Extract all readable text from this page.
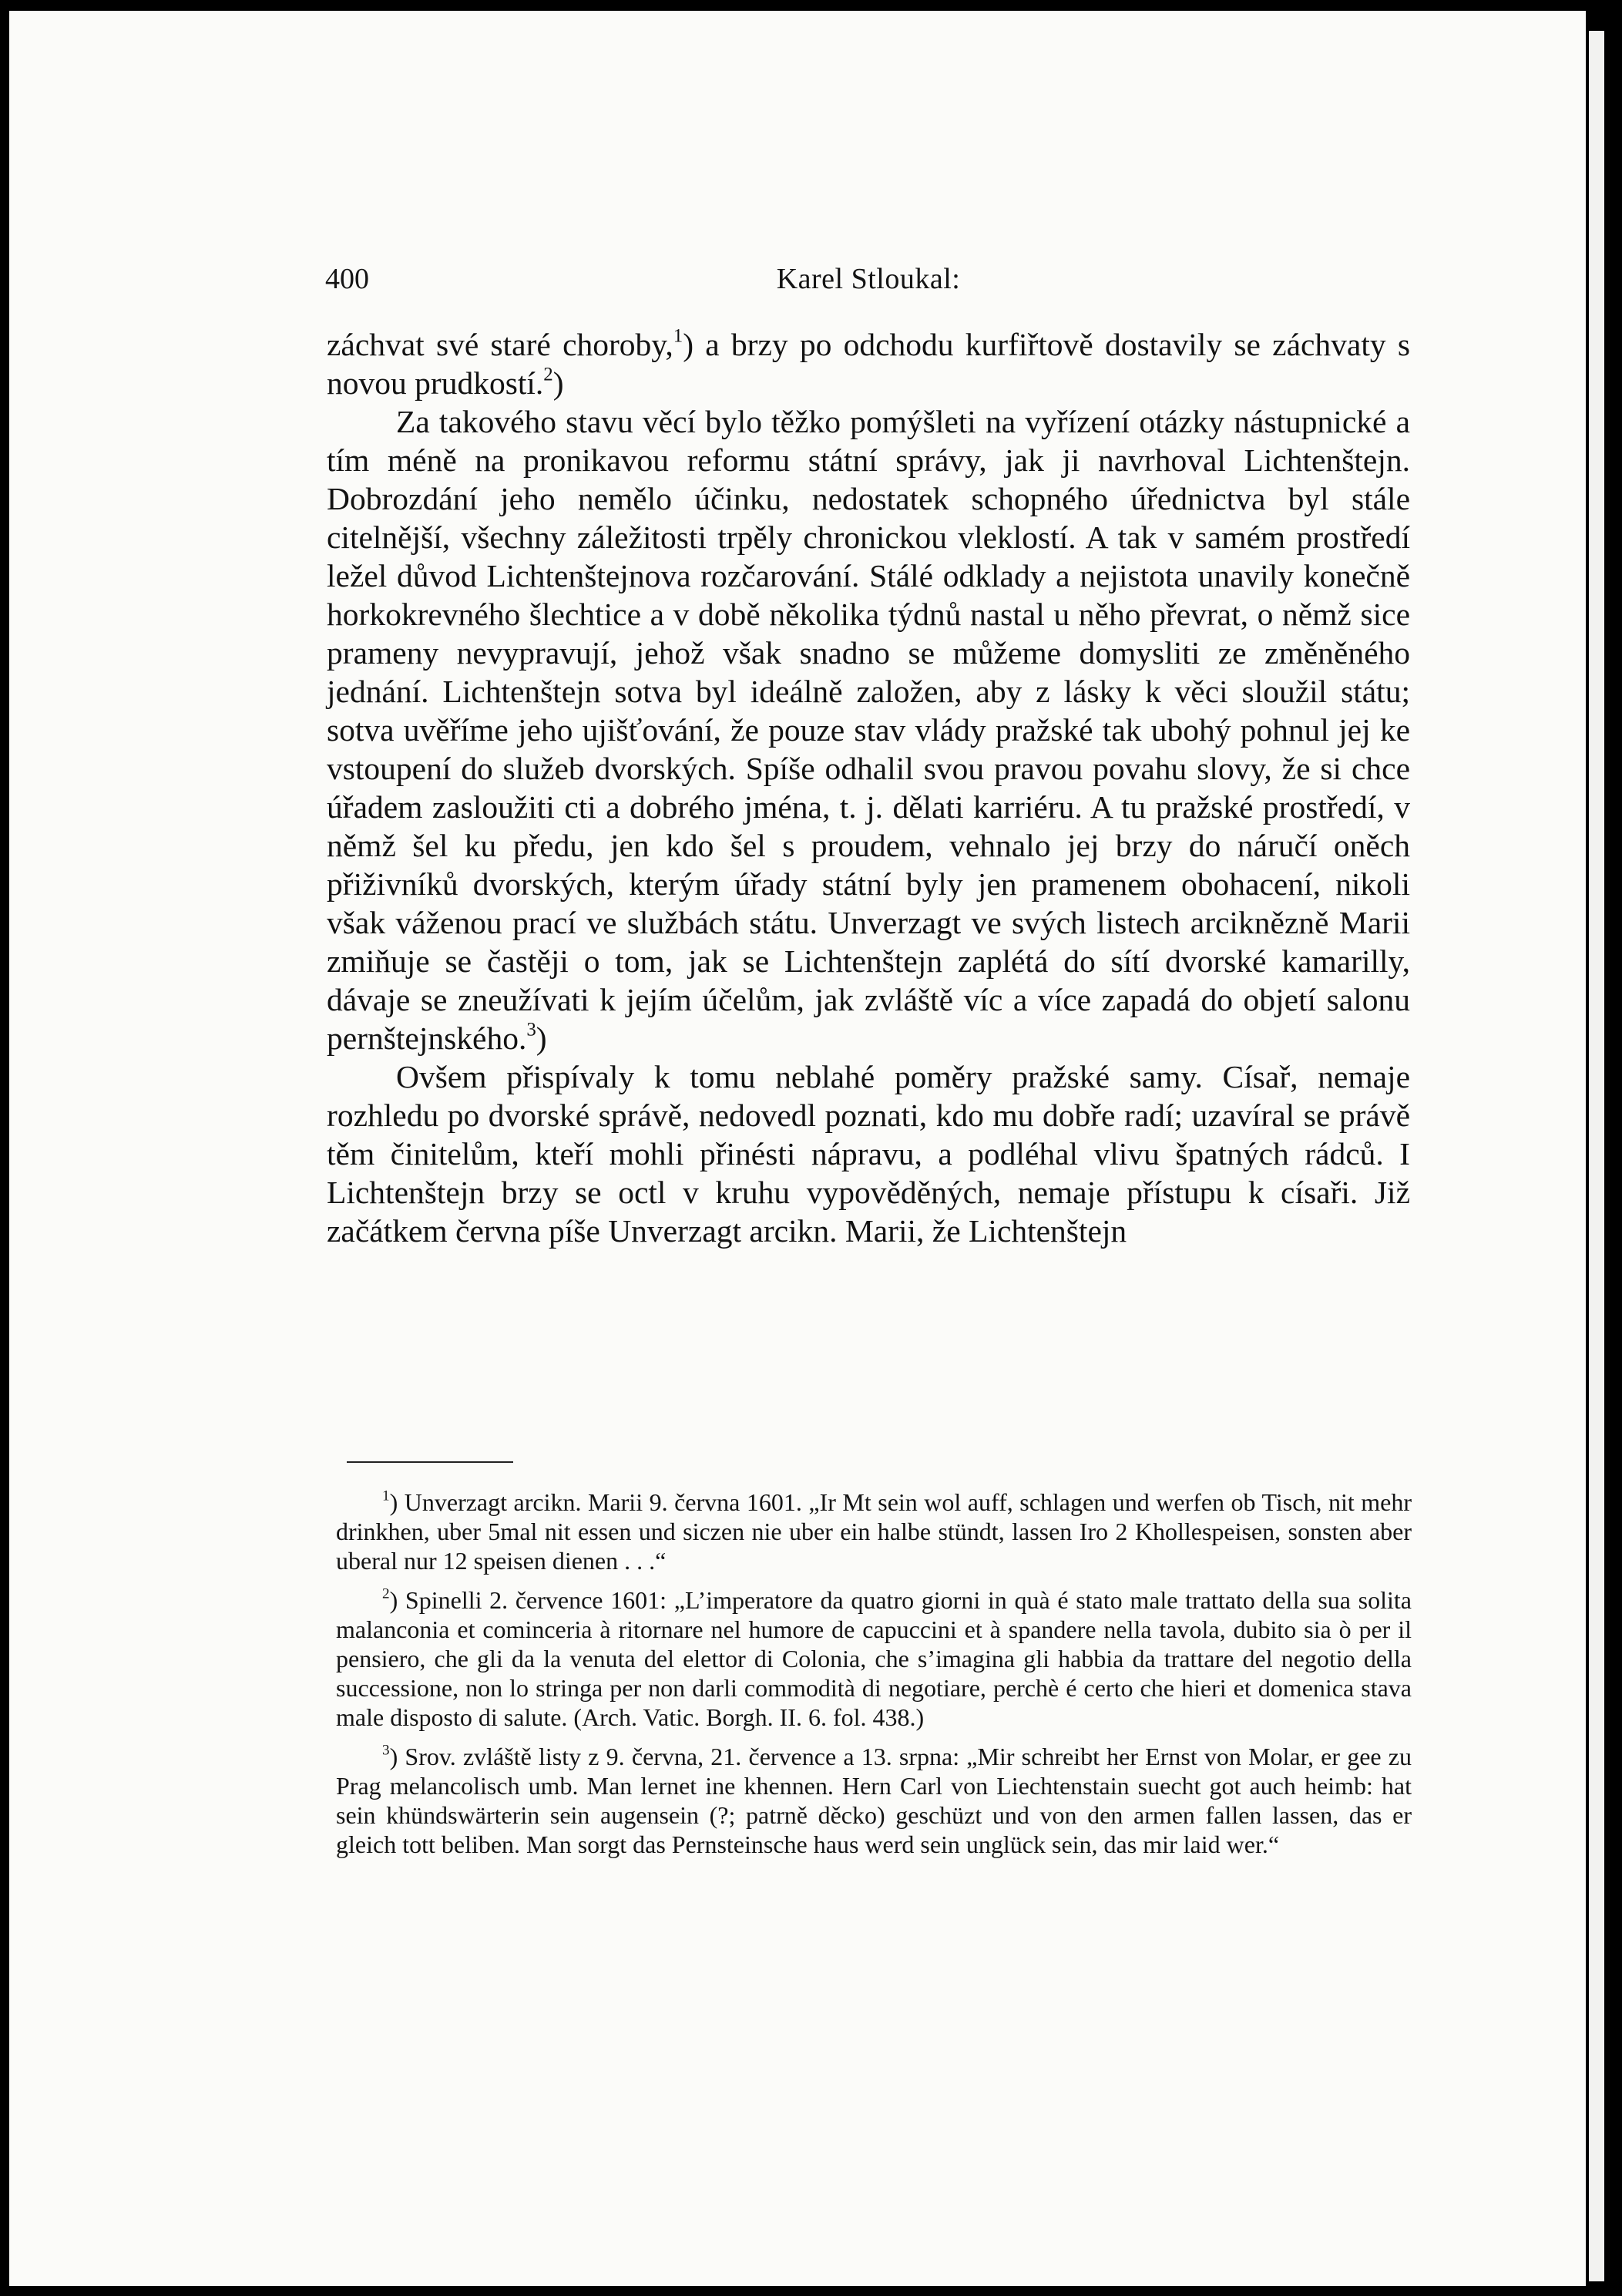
400	Karel Stloukal:

záchvat své staré choroby,$^1$) a brzy po odchodu kurfiřtově dostavily se záchvaty s novou prudkostí.$^2$)

Za takového stavu věcí bylo těžko pomýšleti na vyřízení otázky nástupnické a tím méně na pronikavou reformu státní správy, jak ji navrhoval Lichtenštejn. Dobrozdání jeho nemělo účinku, nedostatek schopného úřednictva byl stále citelnější, všechny záležitosti trpěly chronickou vleklostí. A tak v samém prostředí ležel důvod Lichtenštejnova rozčarování. Stálé odklady a nejistota unavily konečně horkokrevného šlechtice a v době několika týdnů nastal u něho převrat, o němž sice prameny nevypravují, jehož však snadno se můžeme domysliti ze změněného jednání. Lichtenštejn sotva byl ideálně založen, aby z lásky k věci sloužil státu; sotva uvěříme jeho ujišťování, že pouze stav vlády pražské tak ubohý pohnul jej ke vstoupení do služeb dvorských. Spíše odhalil svou pravou povahu slovy, že si chce úřadem zasloužiti cti a dobrého jména, t. j. dělati karriéru. A tu pražské prostředí, v němž šel ku předu, jen kdo šel s proudem, vehnalo jej brzy do náručí oněch přiživníků dvorských, kterým úřady státní byly jen pramenem obohacení, nikoli však váženou prací ve službách státu. Unverzagt ve svých listech arciknězně Marii zmiňuje se častěji o tom, jak se Lichtenštejn zaplétá do sítí dvorské kamarilly, dávaje se zneužívati k jejím účelům, jak zvláště víc a více zapadá do objetí salonu pernštejnského.$^3$)

Ovšem přispívaly k tomu neblahé poměry pražské samy. Císař, nemaje rozhledu po dvorské správě, nedovedl poznati, kdo mu dobře radí; uzavíral se právě těm činitelům, kteří mohli přinésti nápravu, a podléhal vlivu špatných rádců. I Lichtenštejn brzy se octl v kruhu vypověděných, nemaje přístupu k císaři. Již začátkem června píše Unverzagt arcikn. Marii, že Lichtenštejn

$^1$) Unverzagt arcikn. Marii 9. června 1601. „Ir Mt sein wol auff, schlagen und werfen ob Tisch, nit mehr drinkhen, uber 5mal nit essen und siczen nie uber ein halbe stündt, lassen Iro 2 Khollespeisen, sonsten aber uberal nur 12 speisen dienen . . .“

$^2$) Spinelli 2. července 1601: „L’imperatore da quatro giorni in quà é stato male trattato della sua solita malanconia et cominceria à ritornare nel humore de capuccini et à spandere nella tavola, dubito sia ò per il pensiero, che gli da la venuta del elettor di Colonia, che s’imagina gli habbia da trattare del negotio della successione, non lo stringa per non darli commodità di negotiare, perchè é certo che hieri et domenica stava male disposto di salute. (Arch. Vatic. Borgh. II. 6. fol. 438.)

$^3$) Srov. zvláště listy z 9. června, 21. července a 13. srpna: „Mir schreibt her Ernst von Molar, er gee zu Prag melancolisch umb. Man lernet ine khennen. Hern Carl von Liechtenstain suecht got auch heimb: hat sein khündswärterin sein augensein (?; patrně děcko) geschüzt und von den armen fallen lassen, das er gleich tott beliben. Man sorgt das Pernsteinsche haus werd sein unglück sein, das mir laid wer.“
